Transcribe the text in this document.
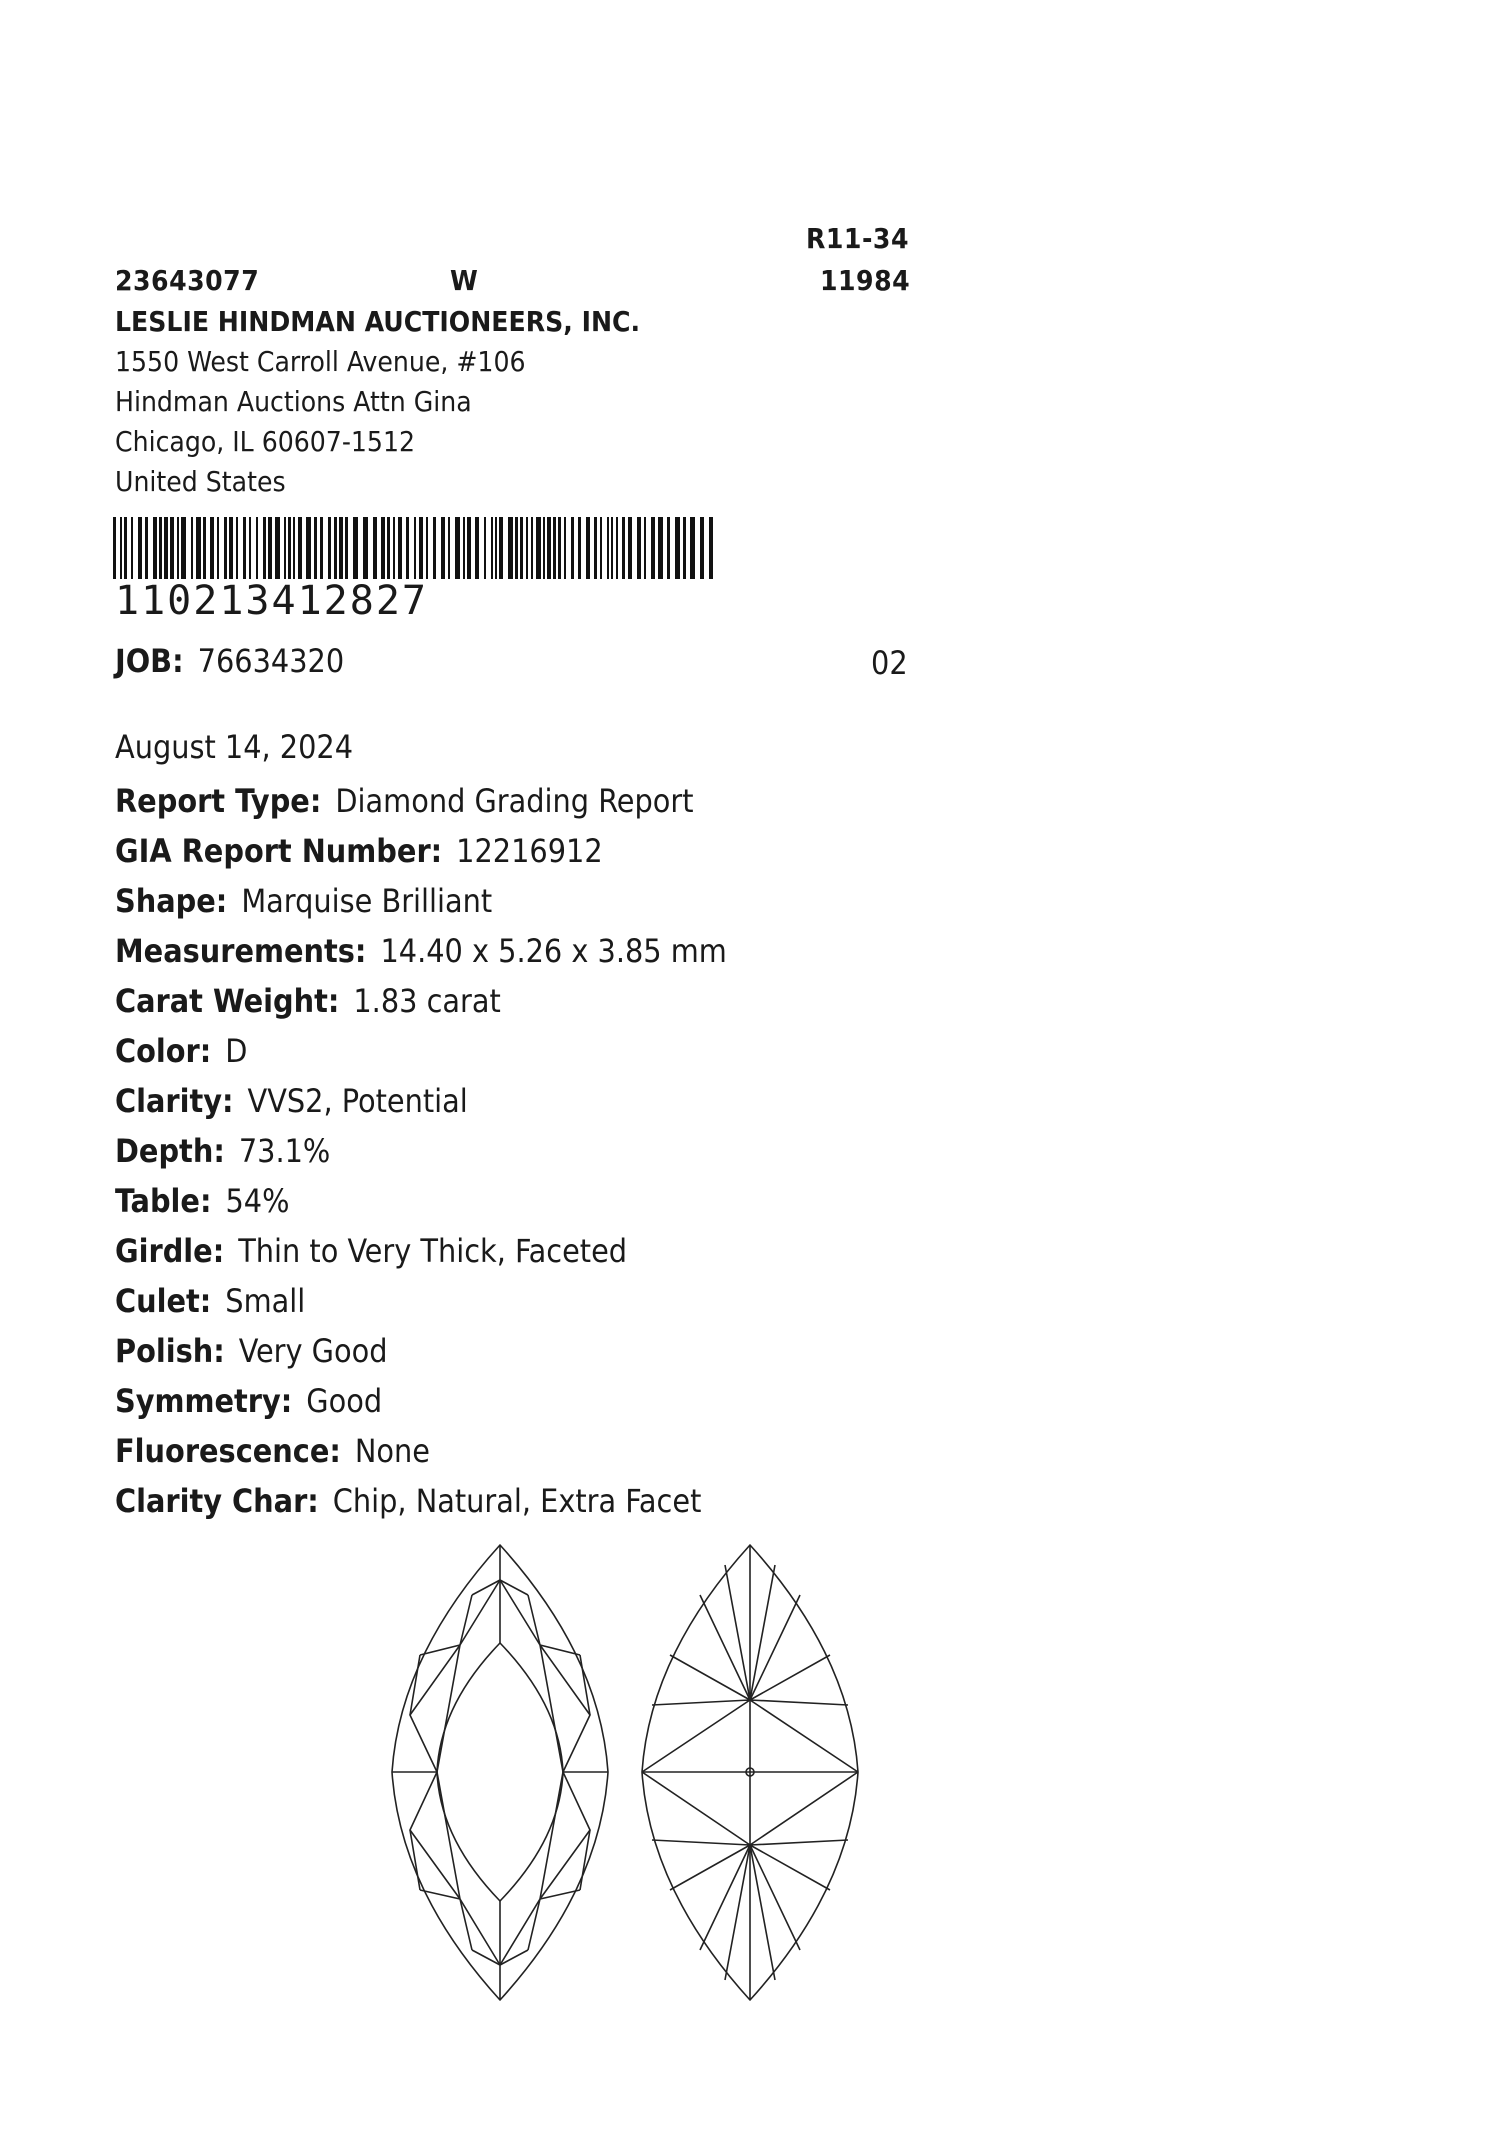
R11-34
23643077	W	11984
LESLIE HINDMAN AUCTIONEERS, INC.
1550 West Carroll Avenue, #106
Hindman Auctions Attn Gina
Chicago, IL 60607-1512
United States
110213412827
JOB: 76634320	02
August 14, 2024
Report Type: Diamond Grading Report
GIA Report Number: 12216912
Shape: Marquise Brilliant
Measurements: 14.40 x 5.26 x 3.85 mm
Carat Weight: 1.83 carat
Color: D
Clarity: VVS2, Potential
Depth: 73.1%
Table: 54%
Girdle: Thin to Very Thick, Faceted
Culet: Small
Polish: Very Good
Symmetry: Good
Fluorescence: None
Clarity Char: Chip, Natural, Extra Facet
